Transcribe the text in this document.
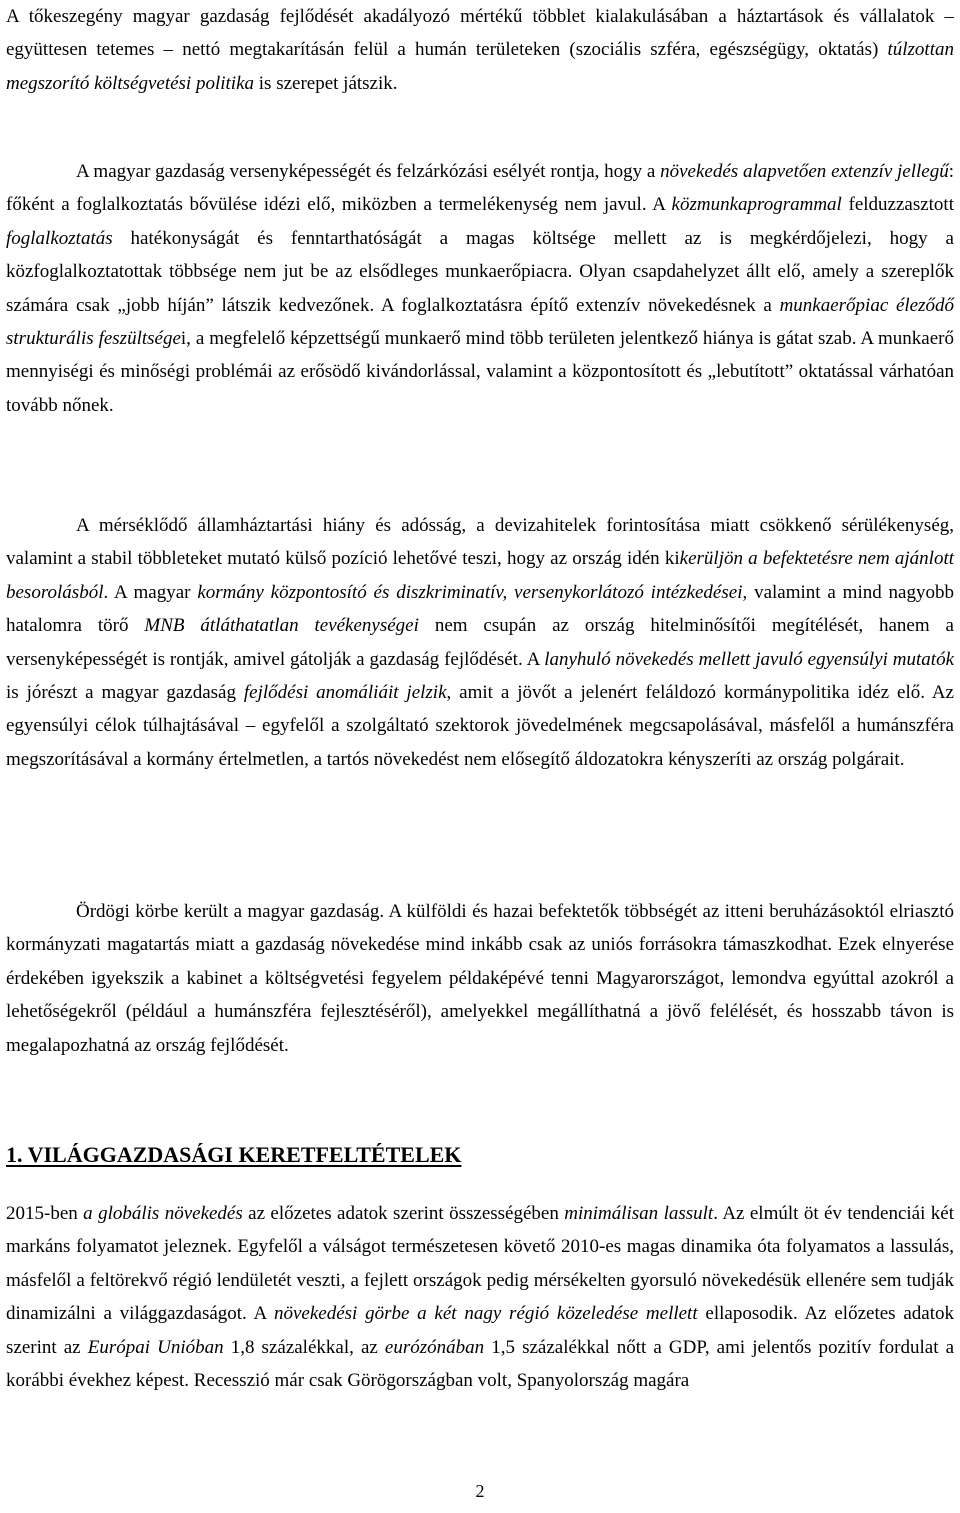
A tőkeszegény magyar gazdaság fejlődését akadályozó mértékű többlet kialakulásában a háztartások és vállalatok – együttesen tetemes – nettó megtakarításán felül a humán területeken (szociális szféra, egészségügy, oktatás) túlzottan megszorító költségvetési politika is szerepet játszik.

A magyar gazdaság versenyképességét és felzárkózási esélyét rontja, hogy a növekedés alapvetően extenzív jellegű: főként a foglalkoztatás bővülése idézi elő, miközben a termelékenység nem javul. A közmunkaprogrammal felduzzasztott foglalkoztatás hatékonyságát és fenntarthatóságát a magas költsége mellett az is megkérdőjelezi, hogy a közfoglalkoztatottak többsége nem jut be az elsődleges munkaerőpiacra. Olyan csapdahelyzet állt elő, amely a szereplők számára csak „jobb híján” látszik kedvezőnek. A foglalkoztatásra építő extenzív növekedésnek a munkaerőpiac éleződő strukturális feszültségei, a megfelelő képzettségű munkaerő mind több területen jelentkező hiánya is gátat szab. A munkaerő mennyiségi és minőségi problémái az erősödő kivándorlással, valamint a központosított és „lebutított” oktatással várhatóan tovább nőnek.

A mérséklődő államháztartási hiány és adósság, a devizahitelek forintosítása miatt csökkenő sérülékenység, valamint a stabil többleteket mutató külső pozíció lehetővé teszi, hogy az ország idén kikerüljön a befektetésre nem ajánlott besorolásból. A magyar kormány központosító és diszkriminatív, versenykorlátozó intézkedései, valamint a mind nagyobb hatalomra törő MNB átláthatatlan tevékenységei nem csupán az ország hitelminősítői megítélését, hanem a versenyképességét is rontják, amivel gátolják a gazdaság fejlődését. A lanyhuló növekedés mellett javuló egyensúlyi mutatók is jórészt a magyar gazdaság fejlődési anomáliáit jelzik, amit a jövőt a jelenért feláldozó kormánypolitika idéz elő. Az egyensúlyi célok túlhajtásával – egyfelől a szolgáltató szektorok jövedelmének megcsapolásával, másfelől a humánszféra megszorításával a kormány értelmetlen, a tartós növekedést nem elősegítő áldozatokra kényszeríti az ország polgárait.

Ördögi körbe került a magyar gazdaság. A külföldi és hazai befektetők többségét az itteni beruházásoktól elriasztó kormányzati magatartás miatt a gazdaság növekedése mind inkább csak az uniós forrásokra támaszkodhat. Ezek elnyerése érdekében igyekszik a kabinet a költségvetési fegyelem példaképévé tenni Magyarországot, lemondva egyúttal azokról a lehetőségekről (például a humánszféra fejlesztéséről), amelyekkel megállíthatná a jövő felélését, és hosszabb távon is megalapozhatná az ország fejlődését.

1. VILÁGGAZDASÁGI KERETFELTÉTELEK

2015-ben a globális növekedés az előzetes adatok szerint összességében minimálisan lassult. Az elmúlt öt év tendenciái két markáns folyamatot jeleznek. Egyfelől a válságot természetesen követő 2010-es magas dinamika óta folyamatos a lassulás, másfelől a feltörekvő régió lendületét veszti, a fejlett országok pedig mérsékelten gyorsuló növekedésük ellenére sem tudják dinamizálni a világgazdaságot. A növekedési görbe a két nagy régió közeledése mellett ellaposodik. Az előzetes adatok szerint az Európai Unióban 1,8 százalékkal, az eurózónában 1,5 százalékkal nőtt a GDP, ami jelentős pozitív fordulat a korábbi évekhez képest. Recesszió már csak Görögországban volt, Spanyolország magára

2
